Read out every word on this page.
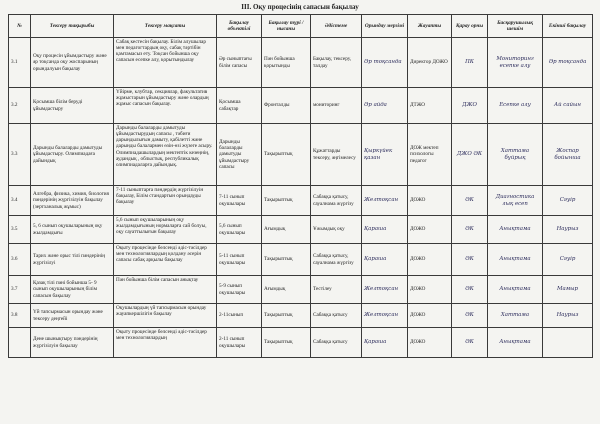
III. Оқу процесінің сапасын бақылау
№	Тексеру тақырыбы	Тексеру мақсаты	Бақылау объектілі	Бақылау түрі / нысаны	Әдістеме	Орындау мерзімі	Жауапты	Қарау орны	Басқарушылық шешім	Екінші бақылау
3.1	Оқу процесін ұйымдастыру және әр тоқсанда оқу жоспарының орындалуын бақылау	Сабақ кестесін бақылау. Білім алушылар мен педагогтардың оқу, сабақ тәртібін қамтамасыз ету. Тоқсан бойынша оқу сапасын есепке алу, қорытындылау	Әр сыныптағы білім сапасы	Пән бойынша қорытынды	Бақылау, тексеру, талдау	Әр тоқсанда	Директор ДОЖО	ПК	Мониторинг есепке алу	Әр тоқсанда
3.2	Қосымша білім беруді ұйымдастыру	Үйірме, клубтар, секциялар, факультатив жұмыстарын ұйымдастыру және олардың жұмыс сапасын бақылау.	Қосымша сабақтар	Фронталды	мониторинг	Әр айда	ДТЖО	ДЖО	Есепке алу	Ай сайын
3.3	Дарынды балаларды дамытуды ұйымдастыру. Олимпиадаға дайындық	Дарынды балаларды дамытуды ұйымдастырудың сапасы , тәбиғи дарындылығын дамыту, қабілетті және дарынды балалармен өзін-өзі жүзеге асыру. Олимпиадашылардың мектептік кезеңнің, аудандық , облыстық, республикалық олимпиадаларға дайындық.	Дарынды балаларды дамытуды ұйымдастыру сапасы	Тақырыптық	Құжаттарды тексеру, әңгімелесу	Қыркүйек қазан	ДОЖ мектеп психологы педагог	ДЖО ӘК	Хаттама бұйрық	Жоспар бойынша
3.4	Алгебра, физика, химия, биология пәндерінің жүргізілуін бақылау (зертханалық жұмыс)	7-11 сыныптарға пәндердің жүргізілуін бақылау, Білім стандартын орындауды бақылау	7-11 сынып оқушылары	Тақырыптық	Сабаққа қатысу, сауалнама жүргізу	Желтоқсан	ДОЖО	ӘК	Диагностика лық есеп	Сәуір
3.5	5, 6 сынып оқушыларының оқу жылдамдығы	5,6 сынып оқушыларының оқу жылдамдығының нормаларға сай болуы, оқу сауаттылығын бақылау	5,6 сынып оқушылары	Ағымдық	Ұжымдық оқу	Қараша	ДОЖО	ӘК	Анықтама	Наурыз
3.6	Тарих және орыс тілі пәндерінің жүргізілуі	Оқыту процесінде белсенді әдіс-тәсілдер мен технологиялардың қолдану әсерін сапасы сабақ арқылы бақылау	5-11 сынып оқушылары	Тақырыптық	Сабаққа қатысу, сауалнама жүргізу	Қараша	ДОЖО	ӘК	Анықтама	Сәуір
3.7	Қазақ тілі пәні бойынша 5- 9 сынып оқушыларының білім сапасын бақылау	Пән бойынша білім сапасын анықтау	5-9 сынып оқушылары	Ағымдық	Тестілеу	Желтоқсан	ДОЖО	ӘК	Анықтама	Мамыр
3.8	Үй тапсырмасын орындау және тексеру деңгейі	Оқушылардың үй тапсырмасын орындау жауапкершілігін бақылау	2-11сынып	Тақырыптық	Сабаққа қатысу	Желтоқсан	ДОЖО	ӘК	Хаттама	Наурыз
	Дене шынықтыру пәндерінің жүргізілуін бақылау	Оқыту процесінде белсенді әдіс-тәсілдер мен технологиялардың	2-11 сынып оқушылары	Тақырыптық	Сабаққа қатысу	Қараша	ДОЖО	ӘК	Анықтама	
